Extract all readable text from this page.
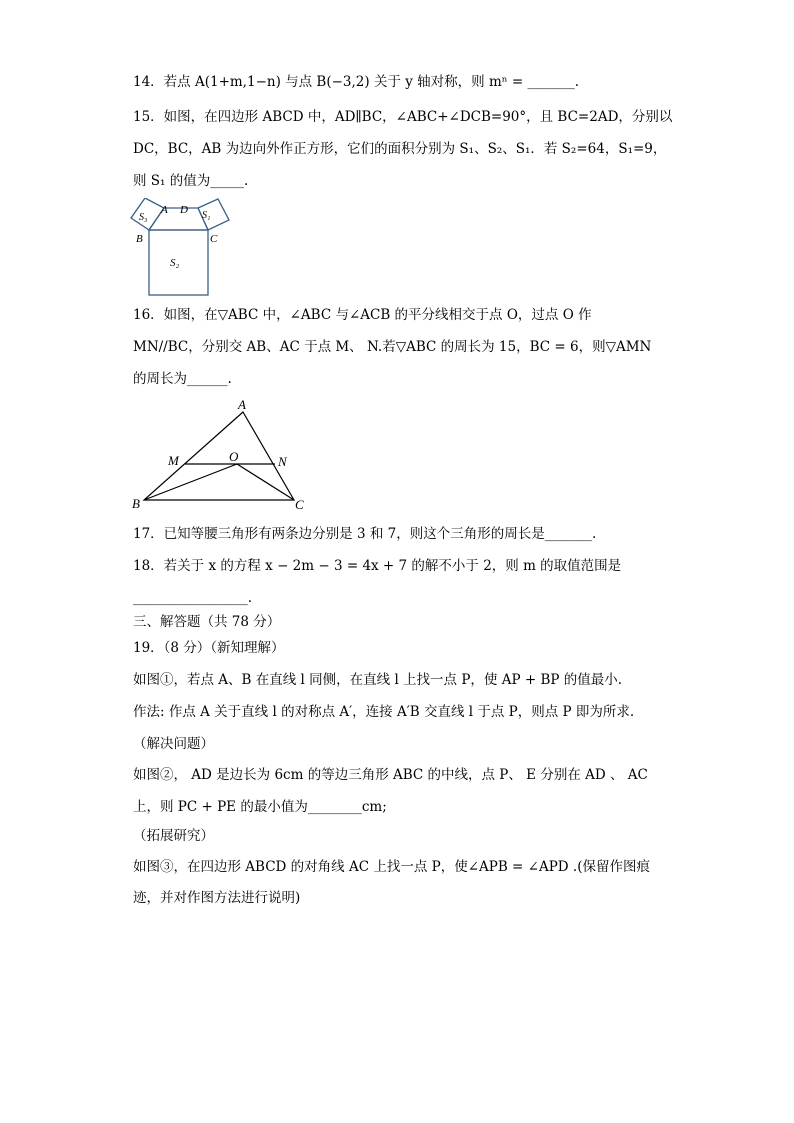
14．若点 A(1+m,1−n) 与点 B(−3,2) 关于 y 轴对称，则 mⁿ = _______.
15．如图，在四边形 ABCD 中，AD∥BC，∠ABC+∠DCB=90°，且 BC=2AD，分别以
DC，BC，AB 为边向外作正方形，它们的面积分别为 S₁、S₂、S₁．若 S₂=64，S₁=9，
则 S₁ 的值为_____.
A D
B	C
S₁
S₂
S₃
16．如图，在▽ABC 中，∠ABC 与∠ACB 的平分线相交于点 O，过点 O 作
MN//BC，分别交 AB、AC 于点 M、 N.若▽ABC 的周长为 15，BC = 6，则▽AMN
的周长为______.
A
M	O	N
B	C
17．已知等腰三角形有两条边分别是 3 和 7，则这个三角形的周长是_______.
18．若关于 x 的方程 x − 2m − 3 = 4x + 7 的解不小于 2，则 m 的取值范围是
_________________.
三、解答题（共 78 分）
19．（8 分）（新知理解）
如图①，若点 A、B 在直线 l 同侧，在直线 l 上找一点 P，使 AP + BP 的值最小.
作法: 作点 A 关于直线 l 的对称点 A′，连接 A′B 交直线 l 于点 P，则点 P 即为所求.
（解决问题）
如图②， AD 是边长为 6cm 的等边三角形 ABC 的中线，点 P、 E 分别在 AD 、 AC
上，则 PC + PE 的最小值为________cm;
（拓展研究）
如图③，在四边形 ABCD 的对角线 AC 上找一点 P，使∠APB = ∠APD .(保留作图痕
迹，并对作图方法进行说明)
